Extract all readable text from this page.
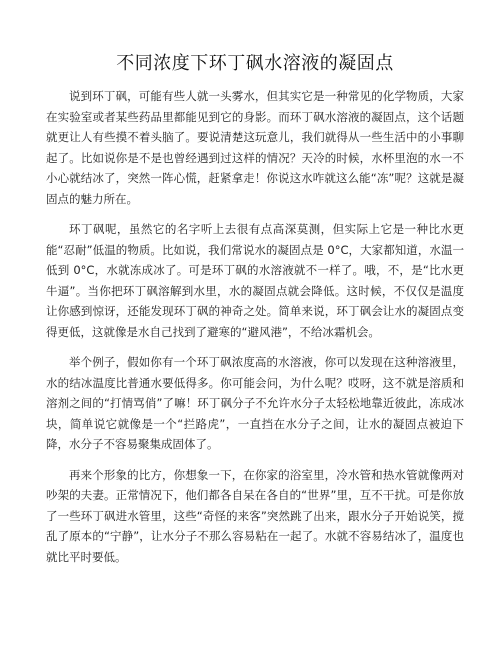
不同浓度下环丁砜水溶液的凝固点

说到环丁砜，可能有些人就一头雾水，但其实它是一种常见的化学物质，大家在实验室或者某些药品里都能见到它的身影。而环丁砜水溶液的凝固点，这个话题就更让人有些摸不着头脑了。要说清楚这玩意儿，我们就得从一些生活中的小事聊起了。比如说你是不是也曾经遇到过这样的情况？天冷的时候，水杯里泡的水一不小心就结冰了，突然一阵心慌，赶紧拿走！你说这水咋就这么能“冻”呢？这就是凝固点的魅力所在。

环丁砜呢，虽然它的名字听上去很有点高深莫测，但实际上它是一种比水更能“忍耐”低温的物质。比如说，我们常说水的凝固点是 0°C，大家都知道，水温一低到 0°C，水就冻成冰了。可是环丁砜的水溶液就不一样了。哦，不，是“比水更牛逼”。当你把环丁砜溶解到水里，水的凝固点就会降低。这时候，不仅仅是温度让你感到惊讶，还能发现环丁砜的神奇之处。简单来说，环丁砜会让水的凝固点变得更低，这就像是水自己找到了避寒的“避风港”，不给冰霜机会。

举个例子，假如你有一个环丁砜浓度高的水溶液，你可以发现在这种溶液里，水的结冰温度比普通水要低得多。你可能会问，为什么呢？哎呀，这不就是溶质和溶剂之间的“打情骂俏”了嘛！环丁砜分子不允许水分子太轻松地靠近彼此，冻成冰块，简单说它就像是一个“拦路虎”，一直挡在水分子之间，让水的凝固点被迫下降，水分子不容易聚集成固体了。

再来个形象的比方，你想象一下，在你家的浴室里，冷水管和热水管就像两对吵架的夫妻。正常情况下，他们都各自呆在各自的“世界”里，互不干扰。可是你放了一些环丁砜进水管里，这些“奇怪的来客”突然跳了出来，跟水分子开始说笑，搅乱了原本的“宁静”，让水分子不那么容易粘在一起了。水就不容易结冰了，温度也就比平时要低。
